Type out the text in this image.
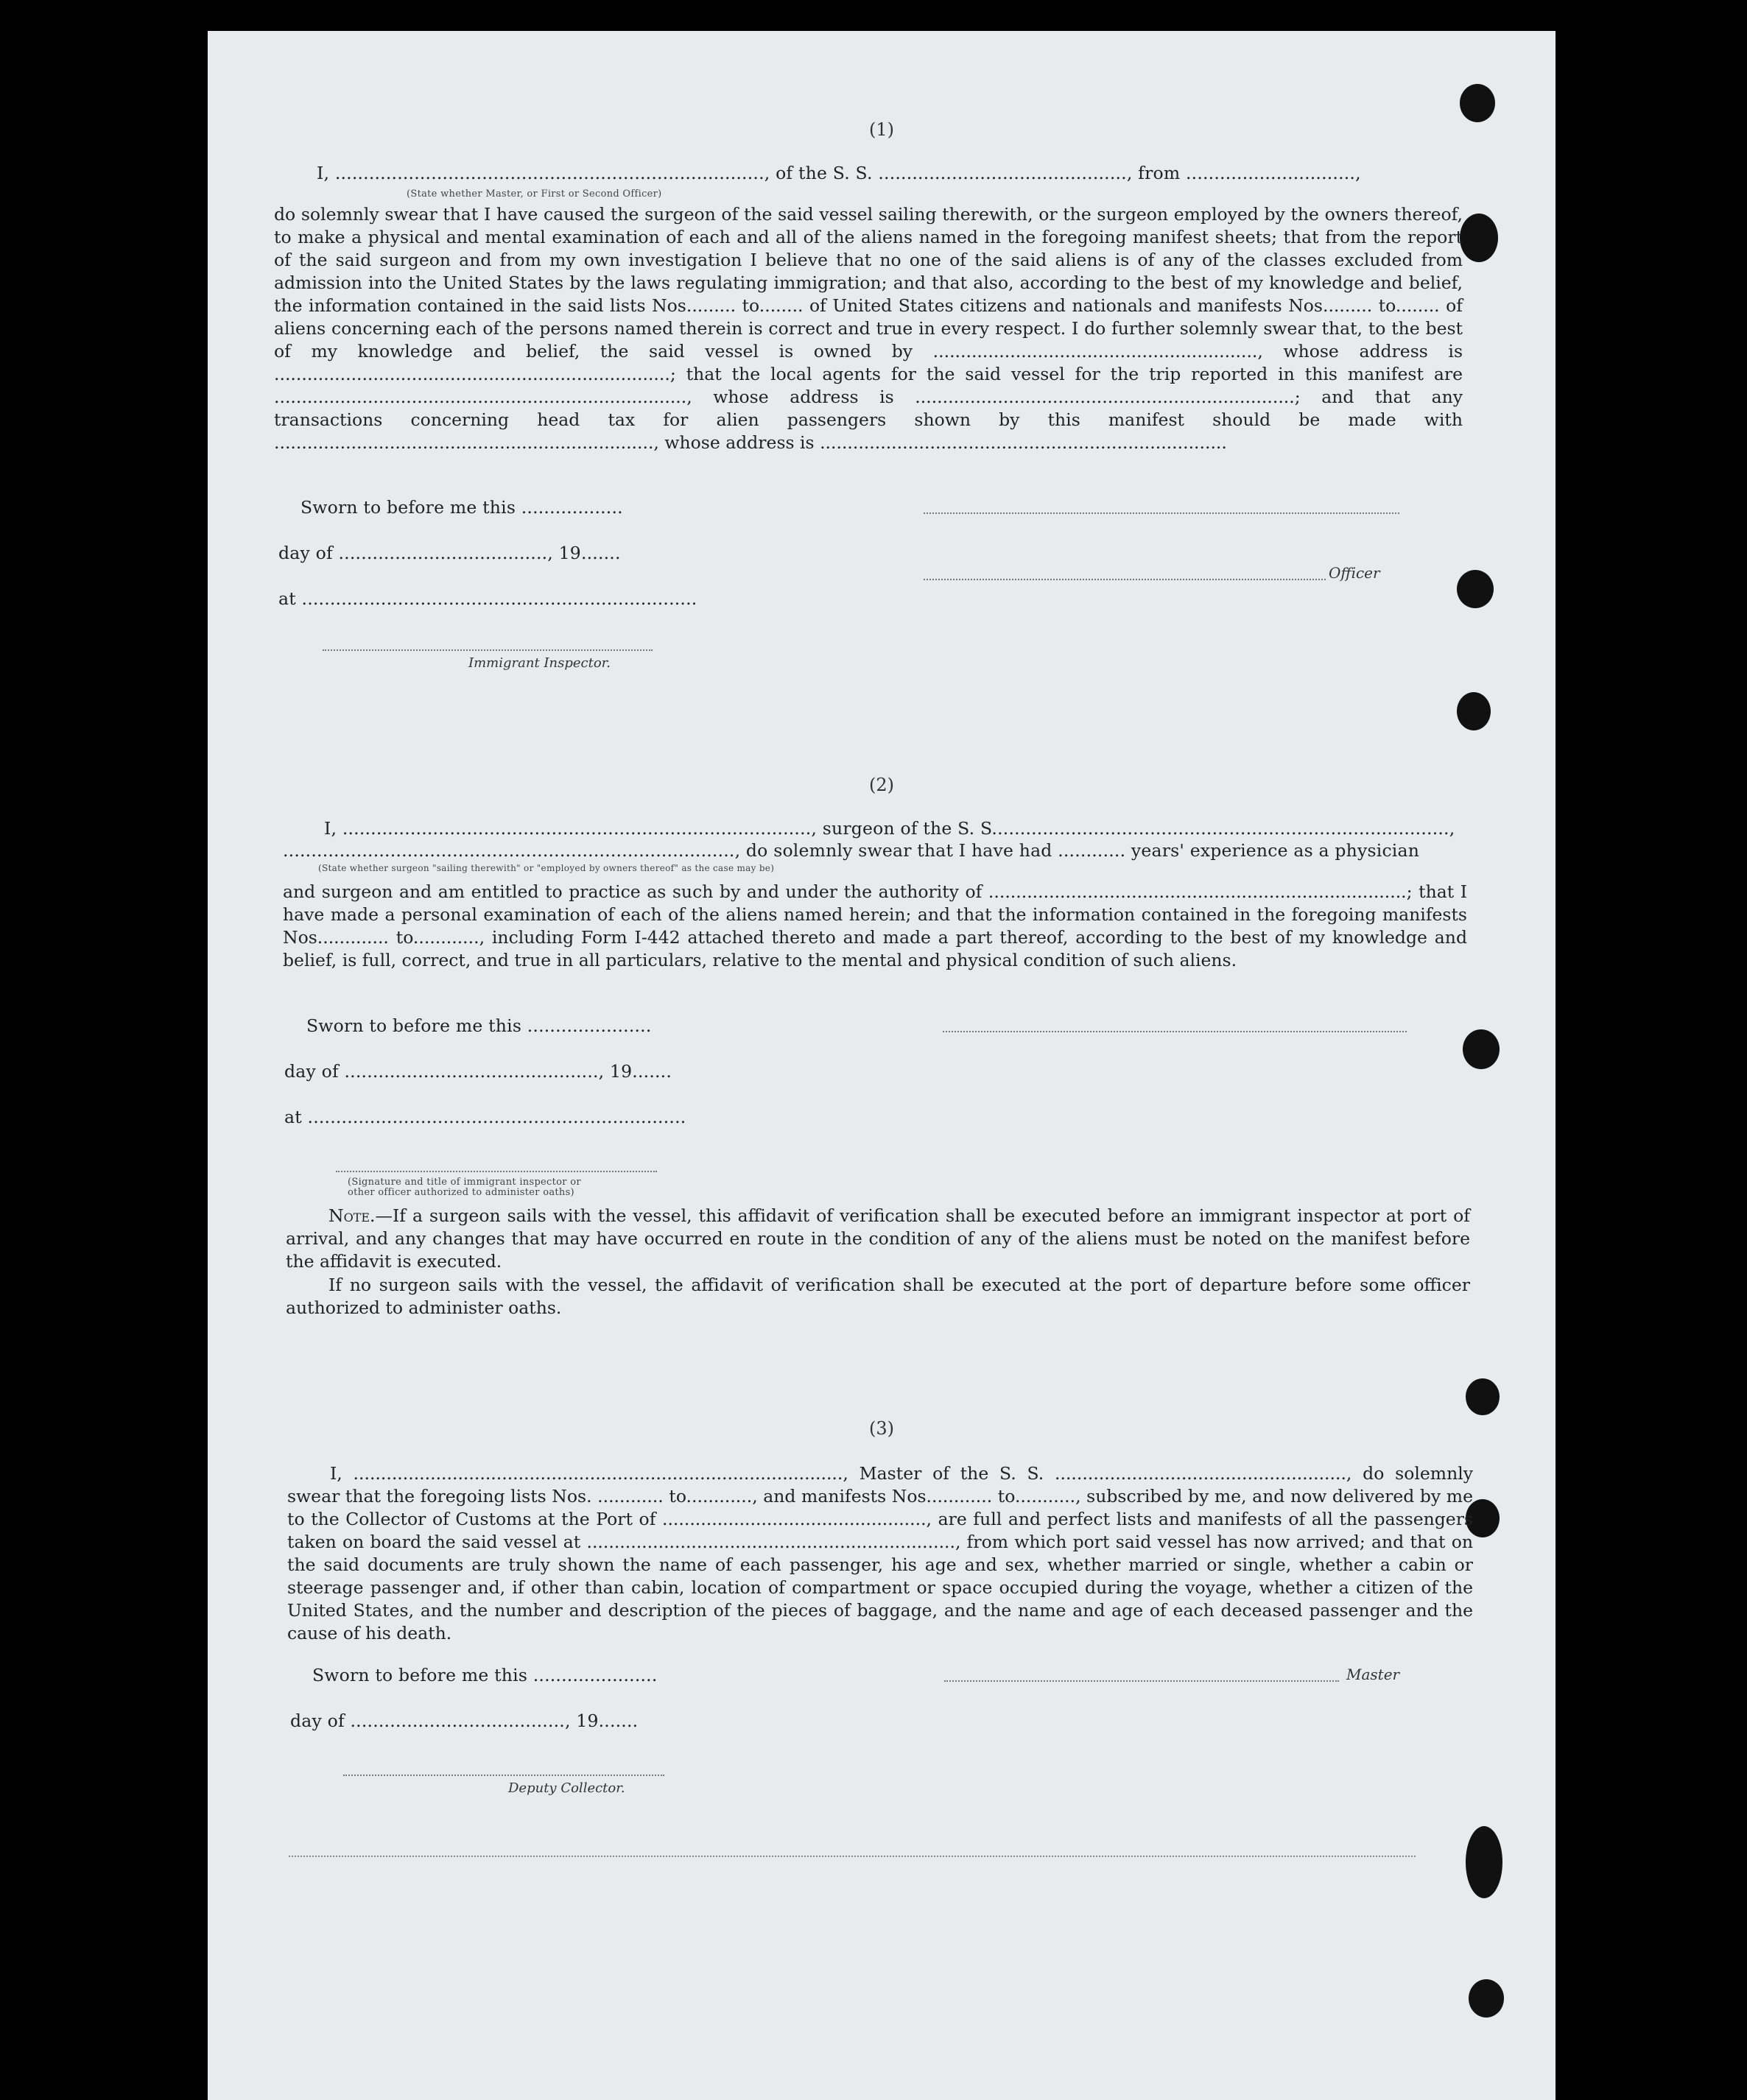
(1)
I, ............................................................................, of the S. S. ............................................, from ..............................,
(State whether Master, or First or Second Officer)
do solemnly swear that I have caused the surgeon of the said vessel sailing therewith, or the surgeon employed by the owners thereof, to make a physical and mental examination of each and all of the aliens named in the foregoing manifest sheets; that from the report of the said surgeon and from my own investigation I believe that no one of the said aliens is of any of the classes excluded from admission into the United States by the laws regulating immigration; and that also, according to the best of my knowledge and belief, the information contained in the said lists Nos......... to........ of United States citizens and nationals and manifests Nos......... to........ of aliens concerning each of the persons named therein is correct and true in every respect. I do further solemnly swear that, to the best of my knowledge and belief, the said vessel is owned by ..........................................................., whose address is ........................................................................; that the local agents for the said vessel for the trip reported in this manifest are ..........................................................................., whose address is .....................................................................; and that any transactions concerning head tax for alien passengers shown by this manifest should be made with ....................................................................., whose address is ..........................................................................
Sworn to before me this ..................
day of ....................................., 19.......
at ......................................................................
Officer
Immigrant Inspector.
(2)
I, ..................................................................................., surgeon of the S. S.................................................................................,
................................................................................, do solemnly swear that I have had ............ years' experience as a physician
(State whether surgeon "sailing therewith" or "employed by owners thereof" as the case may be)
and surgeon and am entitled to practice as such by and under the authority of ............................................................................; that I have made a personal examination of each of the aliens named herein; and that the information contained in the foregoing manifests Nos............. to............, including Form I-442 attached thereto and made a part thereof, according to the best of my knowledge and belief, is full, correct, and true in all particulars, relative to the mental and physical condition of such aliens.
Sworn to before me this ......................
day of ............................................., 19.......
at ...................................................................
(Signature and title of immigrant inspector or
other officer authorized to administer oaths)
Note.—If a surgeon sails with the vessel, this affidavit of verification shall be executed before an immigrant inspector at port of arrival, and any changes that may have occurred en route in the condition of any of the aliens must be noted on the manifest before the affidavit is executed.
If no surgeon sails with the vessel, the affidavit of verification shall be executed at the port of departure before some officer authorized to administer oaths.
(3)
I, ........................................................................................., Master of the S. S. ....................................................., do solemnly swear that the foregoing lists Nos. ............ to............, and manifests Nos............ to..........., subscribed by me, and now delivered by me to the Collector of Customs at the Port of ................................................, are full and perfect lists and manifests of all the passengers taken on board the said vessel at ..................................................................., from which port said vessel has now arrived; and that on the said documents are truly shown the name of each passenger, his age and sex, whether married or single, whether a cabin or steerage passenger and, if other than cabin, location of compartment or space occupied during the voyage, whether a citizen of the United States, and the number and description of the pieces of baggage, and the name and age of each deceased passenger and the cause of his death.
Sworn to before me this ......................
day of ......................................, 19.......
Master
Deputy Collector.
